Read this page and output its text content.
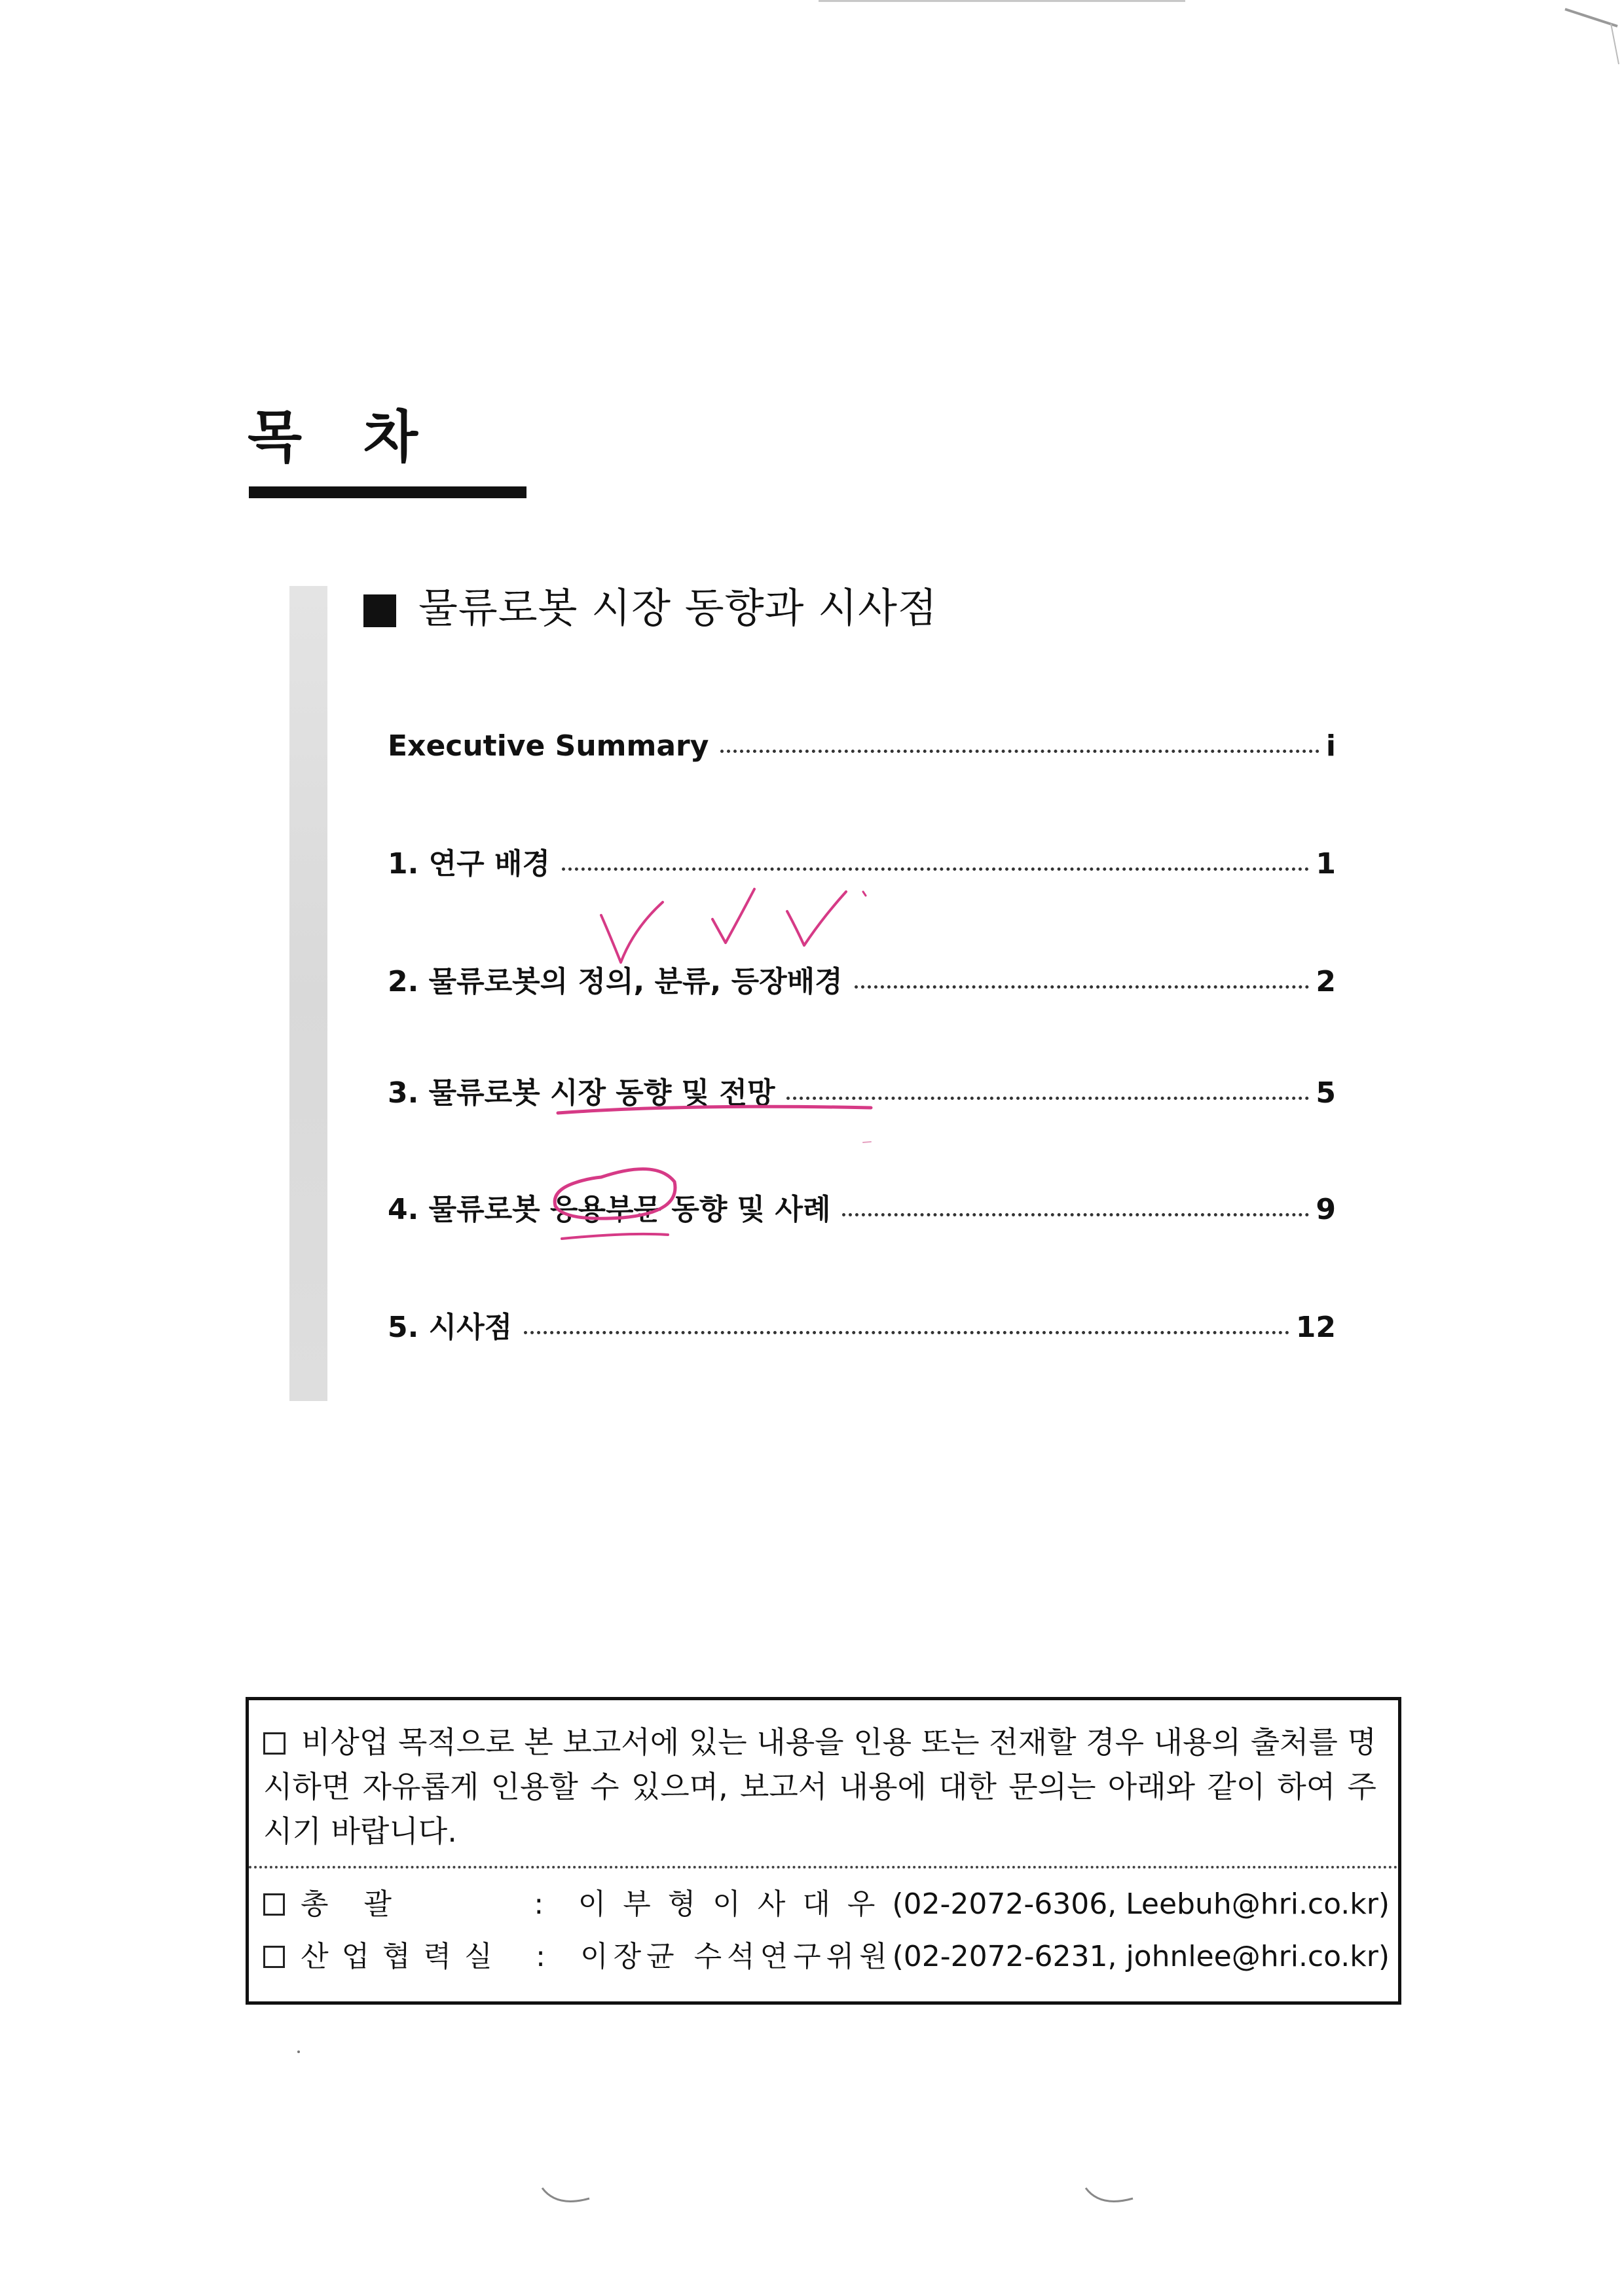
목 차
물류로봇 시장 동향과 시사점
Executive Summary	i
1. 연구 배경	1
2. 물류로봇의 정의, 분류, 등장배경	2
3. 물류로봇 시장 동향 및 전망	5
4. 물류로봇 응용부문 동향 및 사례	9
5. 시사점	12

비상업 목적으로 본 보고서에 있는 내용을 인용 또는 전재할 경우 내용의 출처를 명시하면 자유롭게 인용할 수 있으며, 보고서 내용에 대한 문의는 아래와 같이 하여 주시기 바랍니다.

총 괄	:	이부형이사대우 (02-2072-6306, Leebuh@hri.co.kr)
산업협력실	:	이장균 수석연구위원 (02-2072-6231, johnlee@hri.co.kr)
